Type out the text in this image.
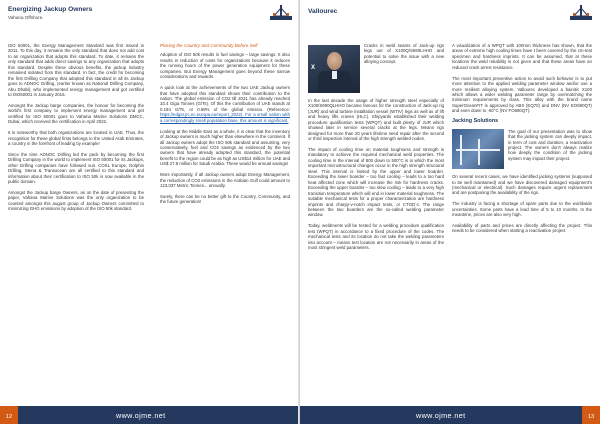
Energizing Jackup Owners
Vahana Offshore.

ISO 50001, the Energy Management Standard was first issued in 2011. To this day, it remains the only standard that does not add cost to an organization that adopts this standard. To date, it remains the only standard that adds direct savings to any organization that adopts this standard. Despite these obvious benefits, the jackup industry remained isolated from this standard. In fact, the credit for becoming the first Drilling Company that adopted this standard in all its Jackup goes to ADNOC Drilling, (earlier known as National Drilling Company, Abu Dhabi), who implemented energy management and got certified to ISO50001 in January 2016.

Amongst the Jackup barge companies, the honour for becoming the world's first company to implement energy management and get certified for ISO 50001 goes to Vahana Marine Solutions DMCC, Dubai, which received the certification in April 2022.

It is noteworthy that both organizations are located in UAE. Thus, the recognition for these global firsts belongs to the United Arab Emirates, a country in the forefront of leading by example!

Since the time ADNOC Drilling led the pack by becoming the first Drilling Company in the world to implement ISO 50001 for its Jackups, other Drilling companies have followed suit. COSL Europe, Dolphin Drilling, Stena & Transocean are all certified to this standard and information about their certification to ISO 50k is now available in the public domain.

Amongst the Jackup barge Owners, as on the date of presenting the paper, Vahana Marine Solutions was the only organization to be counted amongst this august group of Jackup Owners committed to minimizing GHG emissions by adoption of the ISO 50k standard.

Placing the Country and Community Before Self

Adoption of ISO 50k results in fuel savings – large savings. It also results in reduction of costs for organizations because it reduces the running hours of the power generation equipment for these companies. But Energy Management goes beyond these narrow considerations and rewards.

A quick look at the achievements of the two UAE Jackup owners that have adopted this standard shows their contribution to the nation. The global emission of CO2 till 2021 has already reached 33.4 Giga Tonnes (G/Ts). Of this the contribution of UAE stands at 0.194 G/Ts, or 0.58% of the global emissio. (Reference: https://edgar.jrc.ec.europa.eu/report_2022). For a small nation with a correspondingly small population base, this amount is significant.

Looking at the Middle East as a whole, it is clear that the inventory of Jackup owners is much higher than elsewhere in the continent. If all Jackup owners adopt the ISO 50k standard and assuming, very conservatively, fuel and CO2 savings as evidenced by the two owners that have already adopted this standard, the potential benefit to the region could be as high as US$14 million for UAE and US$ 27.8 million for Saudi Arabia. These would be annual savings!

More importantly, if all Jackup owners adopt Energy Management, the reduction of CO2 emissions in the Arabian Gulf could amount to 123,037 Metric Tonnes... annually.

Surely, there can be no better gift to the Country, Community, and the future generation!

www.ojme.net
12
Vallourec
X

Cracks in weld seams of Jack-up rigs legs out of X100Q/S690LHHO and potential to solve the issue with a new alloying concept.

In the last decade the usage of higher strength steel especially of X100/S690QLHHO became famous for the construction of Jack-up rig (JUR) and wind turbine installation vessel (WTIV) legs as well as of lift and heavy lifts cranes (HLC). Shipyards established their welding procedure qualification tests (WPQT) and built plenty of JUR which showed later in service several cracks at the legs. Means rigs designed for more than 20 years lifetime need repair after the second or third inspection interval of the high strength welded nodes.

The impact of cooling time on material toughness and strength is mandatory to achieve the required mechanical weld properties. The cooling time in the interval of 800 down to 500°C is in which the most important microstructural changes occur in the high strength structural steel. This interval is limited by the upper and lower boarder. Exceeding the lower boarder – too fast cooling – leads to a too hard heat affected zone which will increase the risk for hardness cracks. Exceeding the upper boarder – too slow cooling – leads to a very high transition temperature which will end in lower material toughness. The suitable mechanical tests for a proper characterization are hardness imprints and charpy-v-notch impact tests, or CTOD´s. The range between the two boarders are the so-called welding parameter window.

Today, weldments will be tested for a welding procedure qualification test (WPQT) in accordance to a fixed procedure of the codes. The mechanical tests and its location do not take the welding parameters into account – means test location are not necessarily in areas of the most stringent weld parameters.

A visualization of a WPQT with 100mm thickness has shown, that the areas of extreme high cooling times have t been covered by the cm-test specimen and hardness imprints. It can be assumed, that at these locations the weld reliability is not given and that these areas have an reduced crack arrest resistance.

The most important preventive action to avoid such behavior is to put more attention to the applied welding parameter window and/or use a more resilient alloying system. Vallourec developed a bainitic X100 which allows a wider welding parameter range by overmatching the minimum requirements by class. This alloy with the brand name SuperOceanFIT is approved by ABS (EQ70) and DNV (NV EO690QT) and even down to -60°C (NV FO690QT).

Jacking Solutions

The goal of our presentation was to show that the jacking system can deeply impact, in term of cost and duration, a reactivation project. The owners don't always realize how deeply the condition of the jacking system may impact their project.

On several recent cases, we have identified jacking systems (supposed to be well maintained) and we have discovered damaged equipment's (mechanical or electrical). Such damages require urgent replacement and are postponing the availability of the rigs.

The industry is facing a shortage of spare parts due to the worldwide uncertainties. Some parts have a lead time of 5 to 10 months. In the meantime, prices are also very high.

Availability of parts and prices are directly affecting the project. This needs to be considered when starting a reactivation project

www.ojme.net	13
